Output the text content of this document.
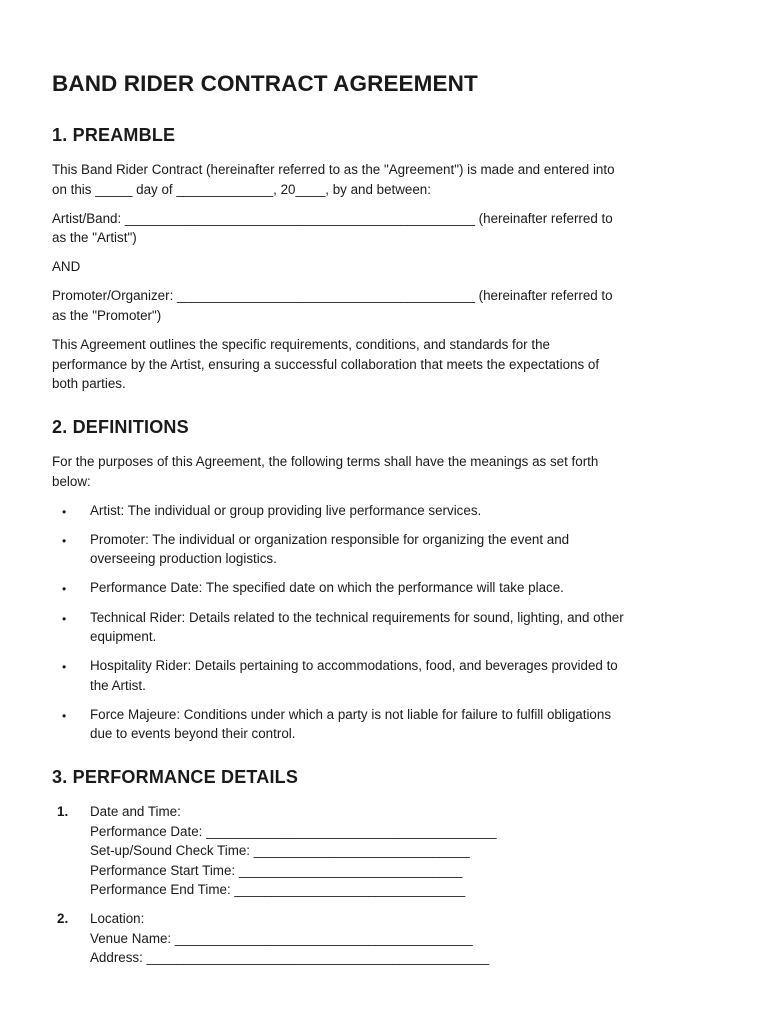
BAND RIDER CONTRACT AGREEMENT
1. PREAMBLE

This Band Rider Contract (hereinafter referred to as the "Agreement") is made and entered into
on this _____ day of _____________, 20____, by and between:

Artist/Band: _______________________________________________ (hereinafter referred to
as the "Artist")

AND

Promoter/Organizer: ________________________________________ (hereinafter referred to
as the "Promoter")

This Agreement outlines the specific requirements, conditions, and standards for the
performance by the Artist, ensuring a successful collaboration that meets the expectations of
both parties.

2. DEFINITIONS

For the purposes of this Agreement, the following terms shall have the meanings as set forth
below:

• Artist: The individual or group providing live performance services.
• Promoter: The individual or organization responsible for organizing the event and
overseeing production logistics.
• Performance Date: The specified date on which the performance will take place.
• Technical Rider: Details related to the technical requirements for sound, lighting, and other
equipment.
• Hospitality Rider: Details pertaining to accommodations, food, and beverages provided to
the Artist.
• Force Majeure: Conditions under which a party is not liable for failure to fulfill obligations
due to events beyond their control.
3. PERFORMANCE DETAILS
1. Date and Time:
Performance Date: _______________________________________
Set-up/Sound Check Time: _____________________________
Performance Start Time: ______________________________
Performance End Time: _______________________________
2. Location:
Venue Name: ________________________________________
Address: ______________________________________________
